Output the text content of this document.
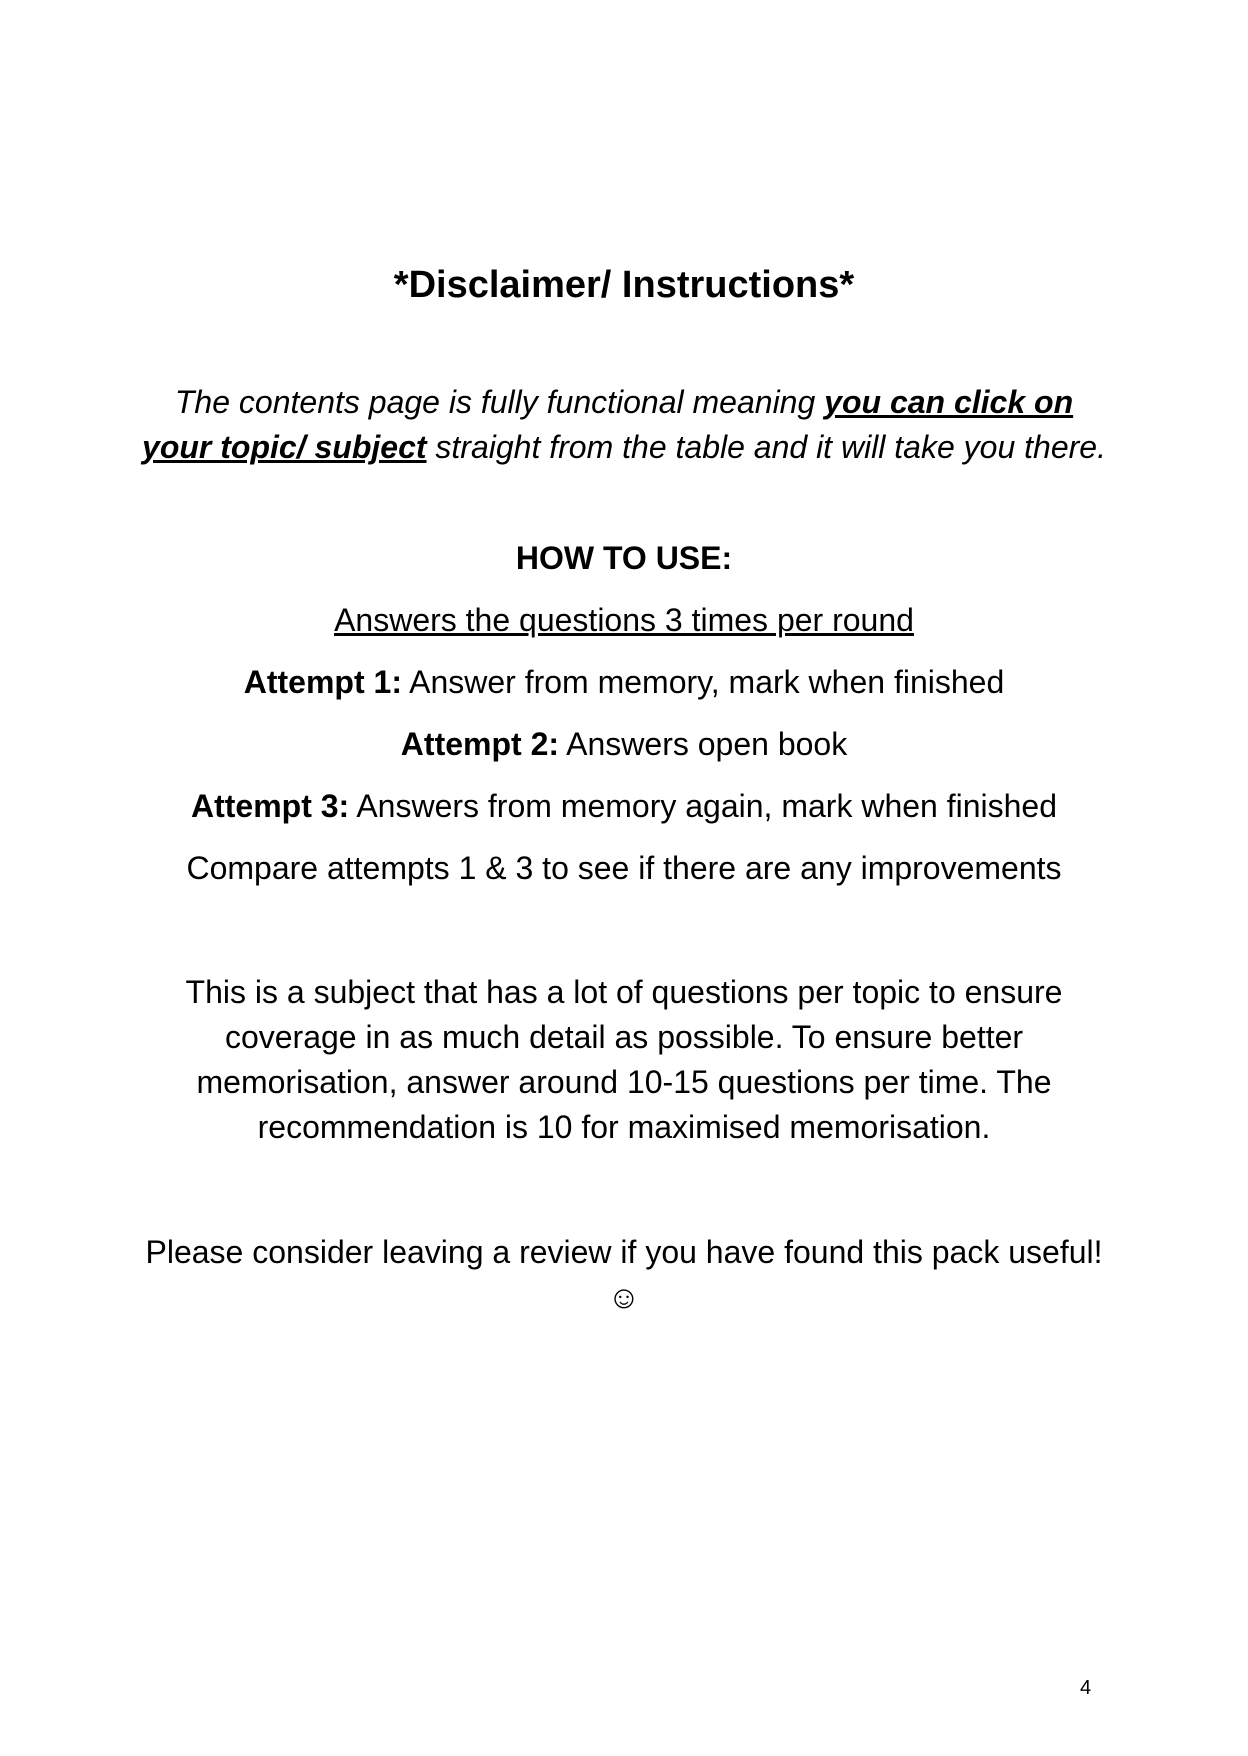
*Disclaimer/ Instructions*
The contents page is fully functional meaning you can click on your topic/ subject straight from the table and it will take you there.
HOW TO USE:
Answers the questions 3 times per round
Attempt 1: Answer from memory, mark when finished
Attempt 2: Answers open book
Attempt 3: Answers from memory again, mark when finished
Compare attempts 1 & 3 to see if there are any improvements
This is a subject that has a lot of questions per topic to ensure coverage in as much detail as possible. To ensure better memorisation, answer around 10-15 questions per time. The recommendation is 10 for maximised memorisation.
Please consider leaving a review if you have found this pack useful! ☺
4
